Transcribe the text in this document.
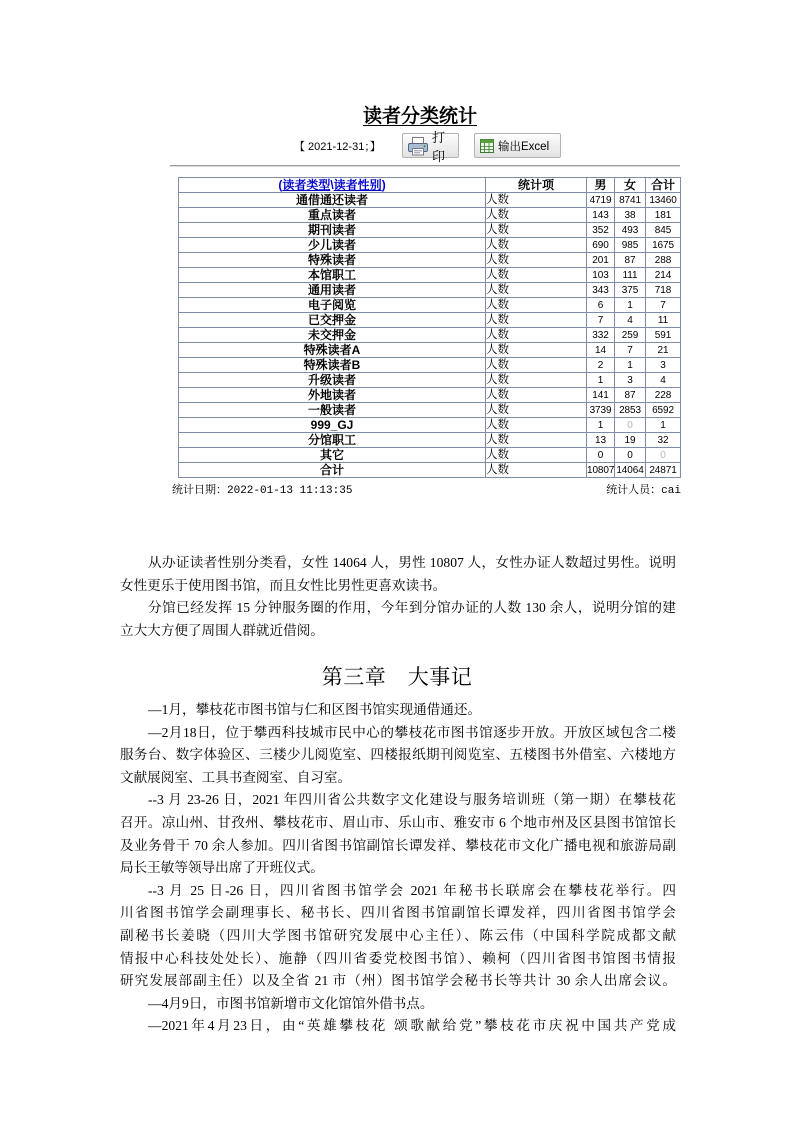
读者分类统计
【 2021-12-31；】
打印
输出Excel
(读者类型\读者性别)	统计项	男	女	合计
通借通还读者	人数	4719	8741	13460
重点读者	人数	143	38	181
期刊读者	人数	352	493	845
少儿读者	人数	690	985	1675
特殊读者	人数	201	87	288
本馆职工	人数	103	111	214
通用读者	人数	343	375	718
电子阅览	人数	6	1	7
已交押金	人数	7	4	11
未交押金	人数	332	259	591
特殊读者A	人数	14	7	21
特殊读者B	人数	2	1	3
升级读者	人数	1	3	4
外地读者	人数	141	87	228
一般读者	人数	3739	2853	6592
999_GJ	人数	1	0	1
分馆职工	人数	13	19	32
其它	人数	0	0	0
合计	人数	10807	14064	24871
统计日期：2022-01-13 11:13:35	统计人员：cai
从办证读者性别分类看，女性 14064 人，男性 10807 人，女性办证人数超过男性。说明
女性更乐于使用图书馆，而且女性比男性更喜欢读书。
分馆已经发挥 15 分钟服务圈的作用，今年到分馆办证的人数 130 余人，说明分馆的建
立大大方便了周围人群就近借阅。
第三章　大事记
—1月，攀枝花市图书馆与仁和区图书馆实现通借通还。
—2月18日，位于攀西科技城市民中心的攀枝花市图书馆逐步开放。开放区域包含二楼
服务台、数字体验区、三楼少儿阅览室、四楼报纸期刊阅览室、五楼图书外借室、六楼地方
文献展阅室、工具书查阅室、自习室。
--3 月 23-26 日，2021 年四川省公共数字文化建设与服务培训班（第一期）在攀枝花
召开。凉山州、甘孜州、攀枝花市、眉山市、乐山市、雅安市 6 个地市州及区县图书馆馆长
及业务骨干 70 余人参加。四川省图书馆副馆长谭发祥、攀枝花市文化广播电视和旅游局副
局长王敏等领导出席了开班仪式。
--3 月 25 日-26 日，四川省图书馆学会 2021 年秘书长联席会在攀枝花举行。四
川省图书馆学会副理事长、秘书长、四川省图书馆副馆长谭发祥，四川省图书馆学会
副秘书长姜晓（四川大学图书馆研究发展中心主任）、陈云伟（中国科学院成都文献
情报中心科技处处长）、施静（四川省委党校图书馆）、赖柯（四川省图书馆图书情报
研究发展部副主任）以及全省 21 市（州）图书馆学会秘书长等共计 30 余人出席会议。
—4月9日，市图书馆新增市文化馆馆外借书点。
—2021年4月23日，由“英雄攀枝花 颂歌献给党”攀枝花市庆祝中国共产党成
